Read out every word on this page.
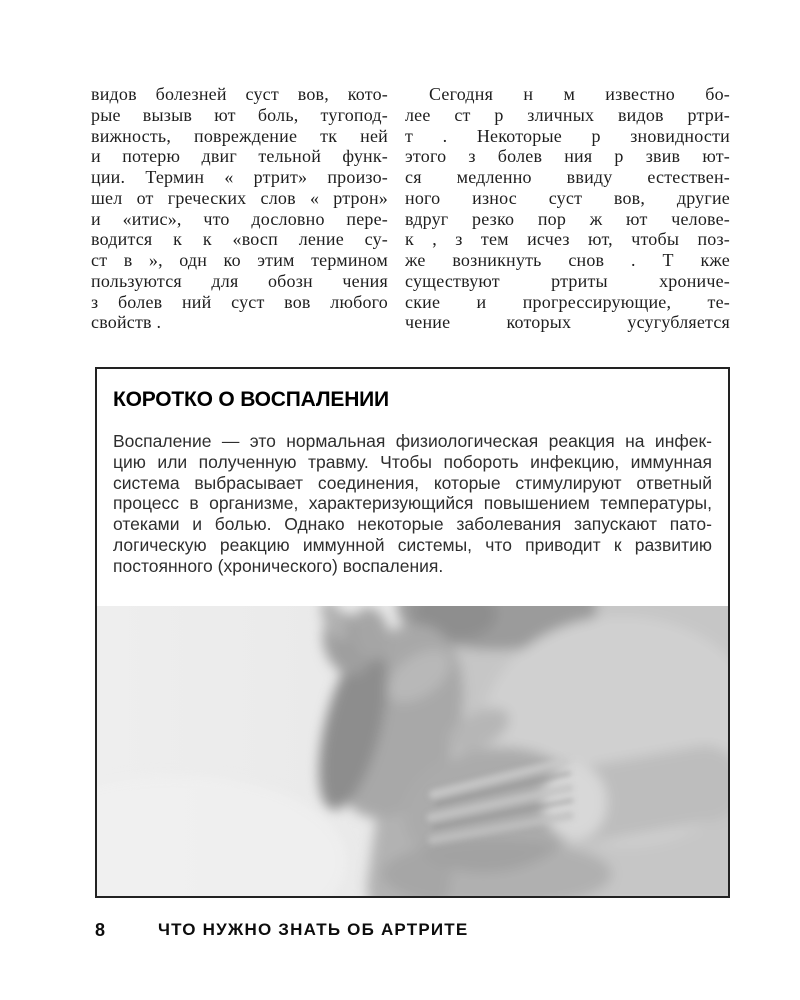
видов болезней суст вов, кото-
рые вызыв ют боль, тугопод-
вижность, повреждение тк ней
и потерю двиг тельной функ-
ции. Термин « ртрит» произо-
шел от греческих слов « ртрон»
и «итис», что дословно пере-
водится к к «восп ление су-
ст в », одн ко этим термином
пользуются для обозн чения
з болев ний суст вов любого
свойств .
Сегодня н м известно бо-
лее ст р зличных видов ртри-
т . Некоторые р зновидности
этого з болев ния р звив ют-
ся медленно ввиду естествен-
ного износ суст вов, другие
вдруг резко пор ж ют челове-
к , з тем исчез ют, чтобы поз-
же возникнуть снов . Т кже
существуют ртриты хрониче-
ские и прогрессирующие, те-
чение которых усугубляется
КОРОТКО О ВОСПАЛЕНИИ
Воспаление — это нормальная физиологическая реакция на инфек-
цию или полученную травму. Чтобы побороть инфекцию, иммунная
система выбрасывает соединения, которые стимулируют ответный
процесс в организме, характеризующийся повышением температуры,
отеками и болью. Однако некоторые заболевания запускают пато-
логическую реакцию иммунной системы, что приводит к развитию
постоянного (хронического) воспаления.
8	ЧТО НУЖНО ЗНАТЬ ОБ АРТРИТЕ
